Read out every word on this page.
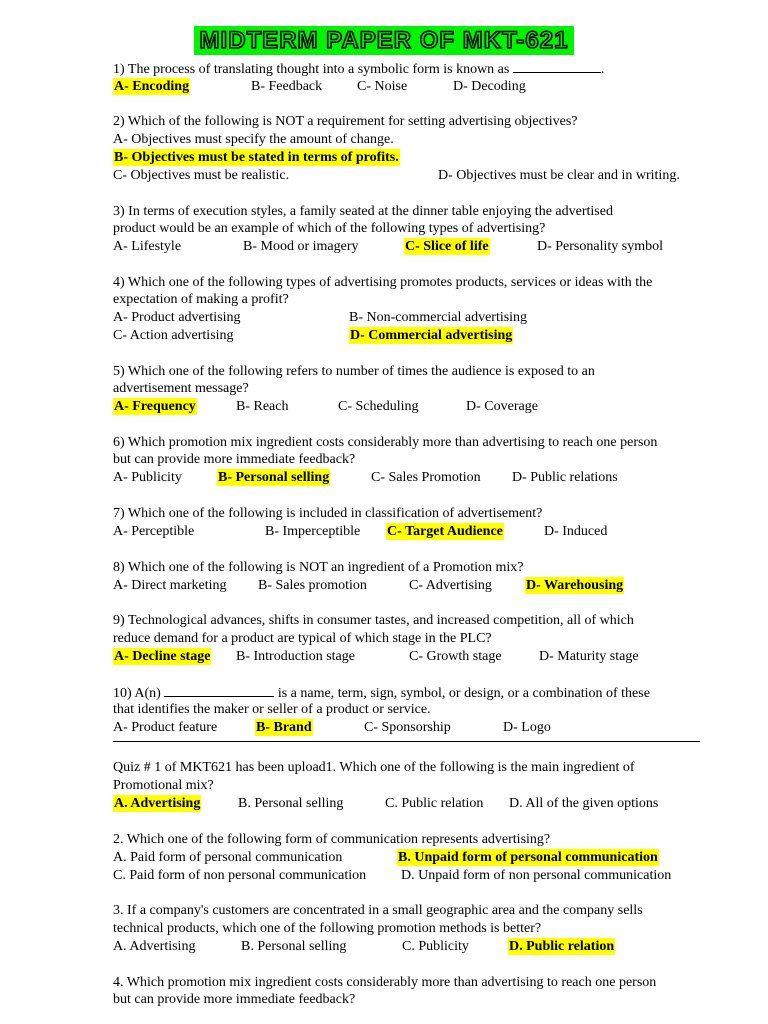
MIDTERM PAPER OF MKT-621
1) The process of translating thought into a symbolic form is known as	.
A- Encoding	B- Feedback C- Noise	D- Decoding
2) Which of the following is NOT a requirement for setting advertising objectives?
A- Objectives must specify the amount of change.
B- Objectives must be stated in terms of profits.
C- Objectives must be realistic.	D- Objectives must be clear and in writing.
3) In terms of execution styles, a family seated at the dinner table enjoying the advertised
product would be an example of which of the following types of advertising?
A- Lifestyle	B- Mood or imagery	C- Slice of life	D- Personality symbol
4) Which one of the following types of advertising promotes products, services or ideas with the
expectation of making a profit?
A- Product advertising	B- Non-commercial advertising
C- Action advertising	D- Commercial advertising
5) Which one of the following refers to number of times the audience is exposed to an
advertisement message?
A- Frequency	B- Reach	C- Scheduling	D- Coverage
6) Which promotion mix ingredient costs considerably more than advertising to reach one person
but can provide more immediate feedback?
A- Publicity	B- Personal selling	C- Sales Promotion D- Public relations
7) Which one of the following is included in classification of advertisement?
A- Perceptible	B- Imperceptible C- Target Audience	D- Induced
8) Which one of the following is NOT an ingredient of a Promotion mix?
A- Direct marketing B- Sales promotion	C- Advertising D- Warehousing
9) Technological advances, shifts in consumer tastes, and increased competition, all of which
reduce demand for a product are typical of which stage in the PLC?
A- Decline stage B- Introduction stage	C- Growth stage	D- Maturity stage
10) A(n)	is a name, term, sign, symbol, or design, or a combination of these
that identifies the maker or seller of a product or service.
A- Product feature	B- Brand	C- Sponsorship	D- Logo
Quiz # 1 of MKT621 has been upload1. Which one of the following is the main ingredient of
Promotional mix?
A. Advertising	B. Personal selling	C. Public relation D. All of the given options
2. Which one of the following form of communication represents advertising?
A. Paid form of personal communication	B. Unpaid form of personal communication
C. Paid form of non personal communication D. Unpaid form of non personal communication
3. If a company's customers are concentrated in a small geographic area and the company sells
technical products, which one of the following promotion methods is better?
A. Advertising	B. Personal selling	C. Publicity	D. Public relation
4. Which promotion mix ingredient costs considerably more than advertising to reach one person
but can provide more immediate feedback?
